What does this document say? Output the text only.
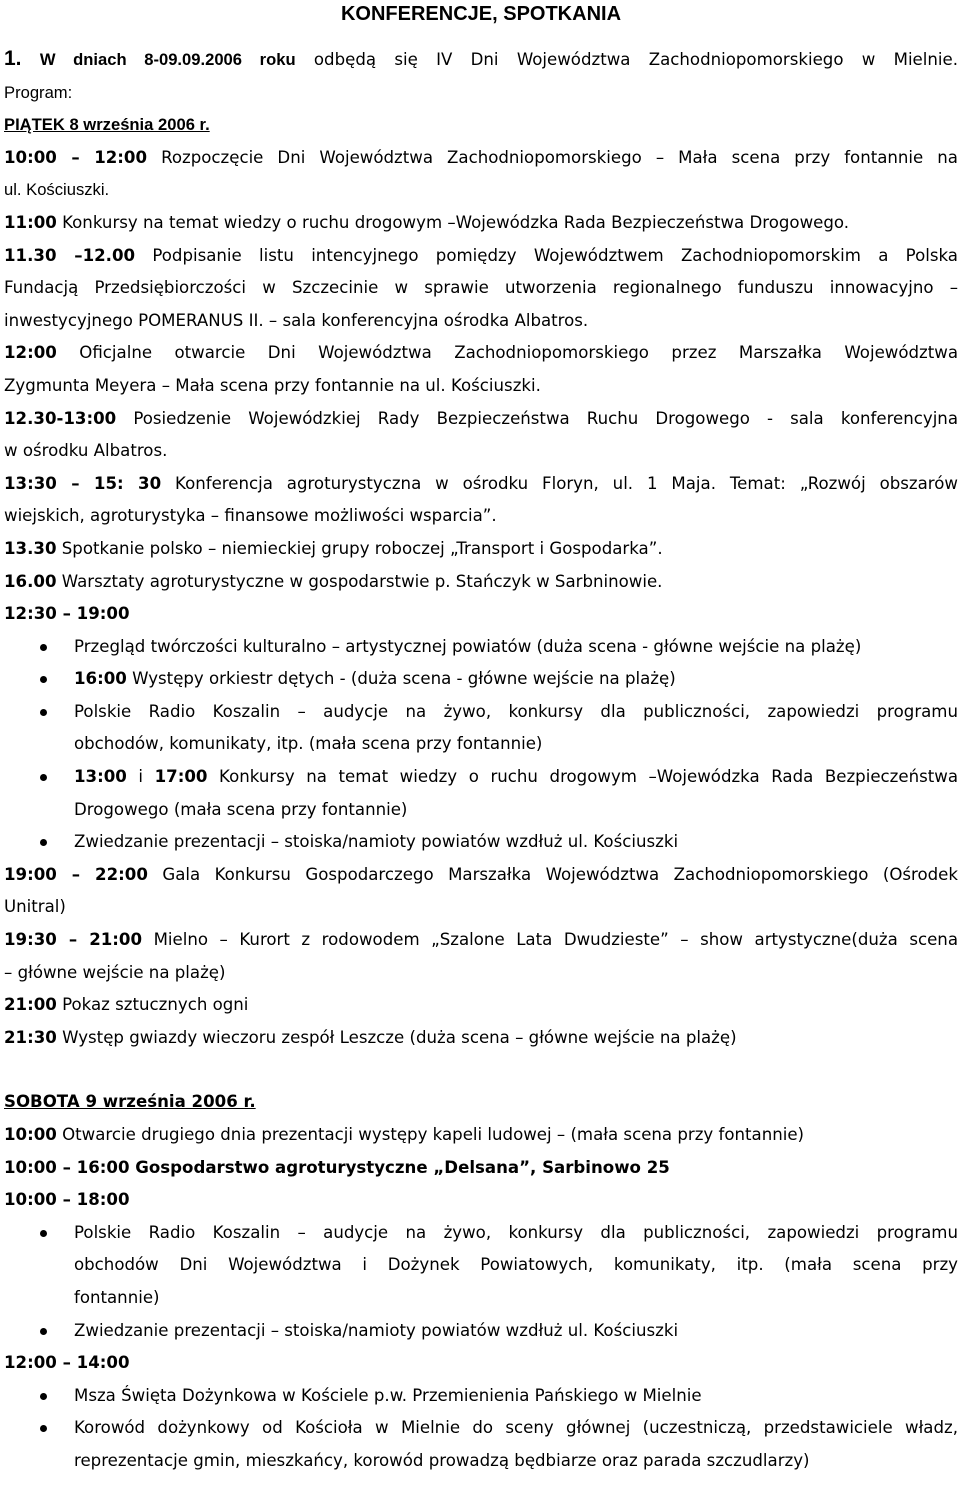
KONFERENCJE, SPOTKANIA

1. W dniach 8-09.09.2006 roku odbędą się IV Dni Województwa Zachodniopomorskiego w Mielnie.

Program:

PIĄTEK 8 września 2006 r.

10:00 – 12:00 Rozpoczęcie Dni Województwa Zachodniopomorskiego – Mała scena przy fontannie na

ul. Kościuszki.

11:00 Konkursy na temat wiedzy o ruchu drogowym –Wojewódzka Rada Bezpieczeństwa Drogowego.

11.30 –12.00 Podpisanie listu intencyjnego pomiędzy Województwem Zachodniopomorskim a Polska

Fundacją Przedsiębiorczości w Szczecinie w sprawie utworzenia regionalnego funduszu innowacyjno –

inwestycyjnego POMERANUS II. – sala konferencyjna ośrodka Albatros.

12:00 Oficjalne otwarcie Dni Województwa Zachodniopomorskiego przez Marszałka Województwa

Zygmunta Meyera – Mała scena przy fontannie na ul. Kościuszki.

12.30-13:00 Posiedzenie Wojewódzkiej Rady Bezpieczeństwa Ruchu Drogowego - sala konferencyjna

w ośrodku Albatros.

13:30 – 15: 30 Konferencja agroturystyczna w ośrodku Floryn, ul. 1 Maja. Temat: „Rozwój obszarów

wiejskich, agroturystyka – finansowe możliwości wsparcia”.

13.30 Spotkanie polsko – niemieckiej grupy roboczej „Transport i Gospodarka”.

16.00 Warsztaty agroturystyczne w gospodarstwie p. Stańczyk w Sarbninowie.

12:30 – 19:00

Przegląd twórczości kulturalno – artystycznej powiatów (duża scena - główne wejście na plażę)
16:00 Występy orkiestr dętych - (duża scena - główne wejście na plażę)
Polskie Radio Koszalin – audycje na żywo, konkursy dla publiczności, zapowiedzi programu
obchodów, komunikaty, itp. (mała scena przy fontannie)
13:00 i 17:00 Konkursy na temat wiedzy o ruchu drogowym –Wojewódzka Rada Bezpieczeństwa
Drogowego (mała scena przy fontannie)
Zwiedzanie prezentacji – stoiska/namioty powiatów wzdłuż ul. Kościuszki

19:00 – 22:00 Gala Konkursu Gospodarczego Marszałka Województwa Zachodniopomorskiego (Ośrodek

Unitral)

19:30 – 21:00 Mielno – Kurort z rodowodem „Szalone Lata Dwudzieste” – show artystyczne(duża scena

– główne wejście na plażę)

21:00 Pokaz sztucznych ogni

21:30 Występ gwiazdy wieczoru zespół Leszcze (duża scena – główne wejście na plażę)

SOBOTA 9 września 2006 r.

10:00 Otwarcie drugiego dnia prezentacji występy kapeli ludowej – (mała scena przy fontannie)

10:00 – 16:00 Gospodarstwo agroturystyczne „Delsana”, Sarbinowo 25

10:00 – 18:00

Polskie Radio Koszalin – audycje na żywo, konkursy dla publiczności, zapowiedzi programu
obchodów Dni Województwa i Dożynek Powiatowych, komunikaty, itp. (mała scena przy
fontannie)
Zwiedzanie prezentacji – stoiska/namioty powiatów wzdłuż ul. Kościuszki

12:00 – 14:00

Msza Święta Dożynkowa w Kościele p.w. Przemienienia Pańskiego w Mielnie
Korowód dożynkowy od Kościoła w Mielnie do sceny głównej (uczestniczą, przedstawiciele władz,
reprezentacje gmin, mieszkańcy, korowód prowadzą będbiarze oraz parada szczudlarzy)
